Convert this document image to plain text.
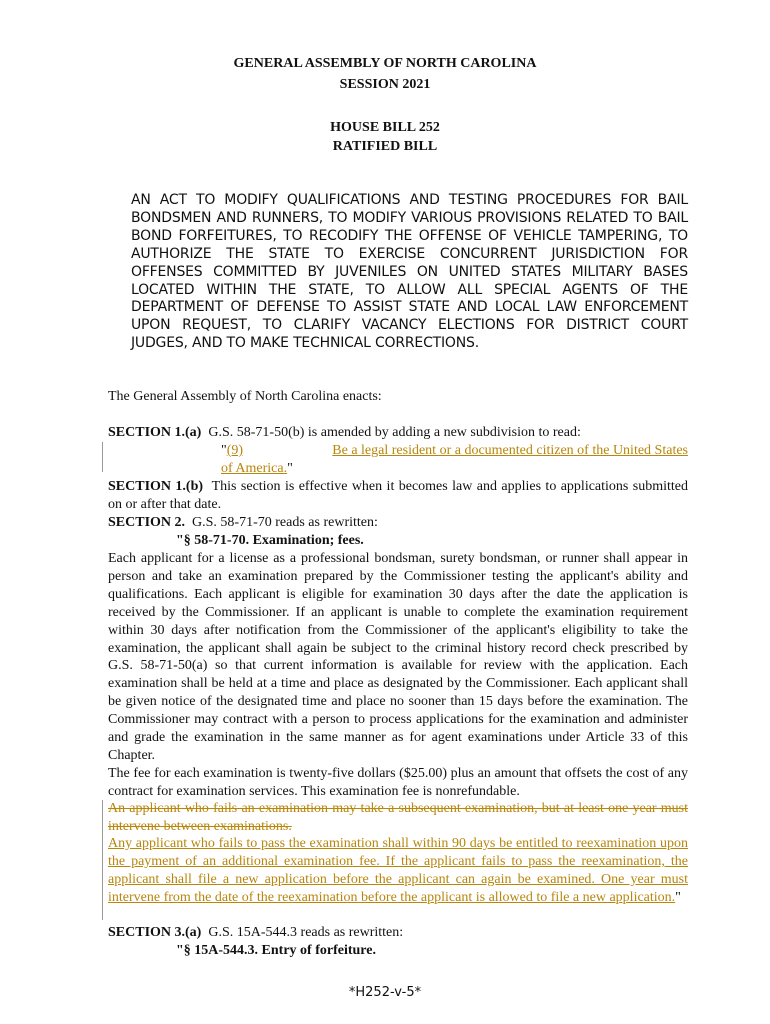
GENERAL ASSEMBLY OF NORTH CAROLINA
SESSION 2021
HOUSE BILL 252
RATIFIED BILL
AN ACT TO MODIFY QUALIFICATIONS AND TESTING PROCEDURES FOR BAIL BONDSMEN AND RUNNERS, TO MODIFY VARIOUS PROVISIONS RELATED TO BAIL BOND FORFEITURES, TO RECODIFY THE OFFENSE OF VEHICLE TAMPERING, TO AUTHORIZE THE STATE TO EXERCISE CONCURRENT JURISDICTION FOR OFFENSES COMMITTED BY JUVENILES ON UNITED STATES MILITARY BASES LOCATED WITHIN THE STATE, TO ALLOW ALL SPECIAL AGENTS OF THE DEPARTMENT OF DEFENSE TO ASSIST STATE AND LOCAL LAW ENFORCEMENT UPON REQUEST, TO CLARIFY VACANCY ELECTIONS FOR DISTRICT COURT JUDGES, AND TO MAKE TECHNICAL CORRECTIONS.
The General Assembly of North Carolina enacts:
SECTION 1.(a) G.S. 58-71-50(b) is amended by adding a new subdivision to read:
"(9)	Be a legal resident or a documented citizen of the United States
of America."
SECTION 1.(b) This section is effective when it becomes law and applies to applications submitted on or after that date.
SECTION 2. G.S. 58-71-70 reads as rewritten:
"§ 58-71-70. Examination; fees.
Each applicant for a license as a professional bondsman, surety bondsman, or runner shall appear in person and take an examination prepared by the Commissioner testing the applicant's ability and qualifications. Each applicant is eligible for examination 30 days after the date the application is received by the Commissioner. If an applicant is unable to complete the examination requirement within 30 days after notification from the Commissioner of the applicant's eligibility to take the examination, the applicant shall again be subject to the criminal history record check prescribed by G.S. 58-71-50(a) so that current information is available for review with the application. Each examination shall be held at a time and place as designated by the Commissioner. Each applicant shall be given notice of the designated time and place no sooner than 15 days before the examination. The Commissioner may contract with a person to process applications for the examination and administer and grade the examination in the same manner as for agent examinations under Article 33 of this Chapter.
The fee for each examination is twenty-five dollars ($25.00) plus an amount that offsets the cost of any contract for examination services. This examination fee is nonrefundable.
An applicant who fails an examination may take a subsequent examination, but at least one year must intervene between examinations.
Any applicant who fails to pass the examination shall within 90 days be entitled to reexamination upon the payment of an additional examination fee. If the applicant fails to pass the reexamination, the applicant shall file a new application before the applicant can again be examined. One year must intervene from the date of the reexamination before the applicant is allowed to file a new application."
SECTION 3.(a) G.S. 15A-544.3 reads as rewritten:
"§ 15A-544.3. Entry of forfeiture.
*H252-v-5*
